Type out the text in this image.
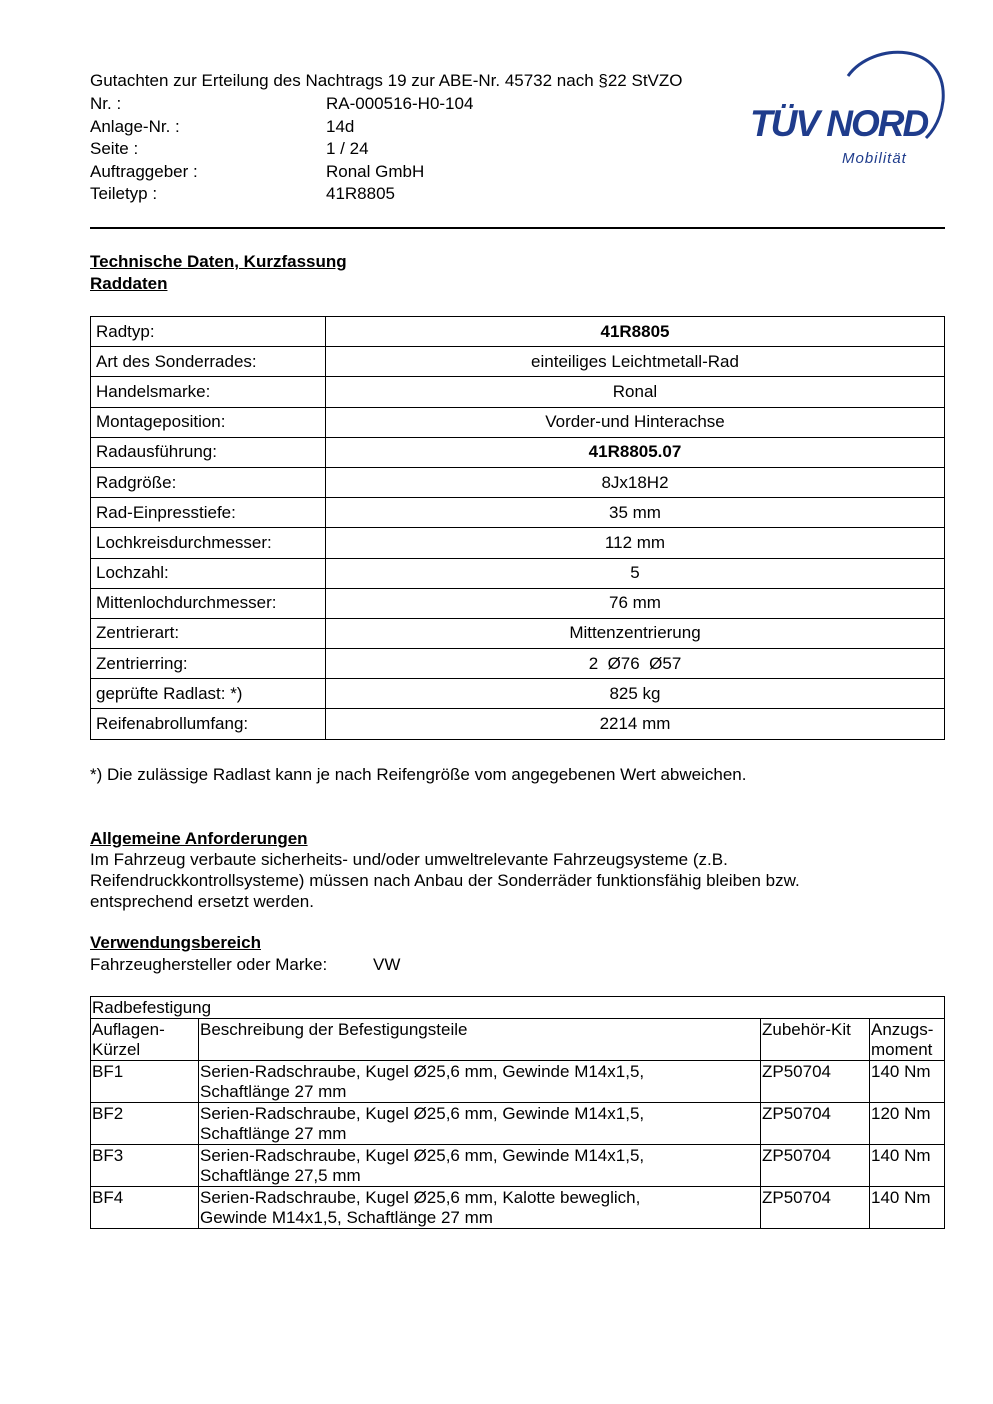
Gutachten zur Erteilung des Nachtrags 19 zur ABE-Nr. 45732 nach §22 StVZO
Nr. :	RA-000516-H0-104
Anlage-Nr. :	14d
Seite :	1 / 24
Auftraggeber :	Ronal GmbH
Teiletyp :	41R8805
TÜV NORD
Mobilität
Technische Daten, Kurzfassung
Raddaten
Radtyp:	41R8805
Art des Sonderrades:	einteiliges Leichtmetall-Rad
Handelsmarke:	Ronal
Montageposition:	Vorder-und Hinterachse
Radausführung:	41R8805.07
Radgröße:	8Jx18H2
Rad-Einpresstiefe:	35 mm
Lochkreisdurchmesser:	112 mm
Lochzahl:	5
Mittenlochdurchmesser:	76 mm
Zentrierart:	Mittenzentrierung
Zentrierring:	2  Ø76  Ø57
geprüfte Radlast: *)	825 kg
Reifenabrollumfang:	2214 mm
*) Die zulässige Radlast kann je nach Reifengröße vom angegebenen Wert abweichen.
Allgemeine Anforderungen
Im Fahrzeug verbaute sicherheits- und/oder umweltrelevante Fahrzeugsysteme (z.B.
Reifendruckkontrollsysteme) müssen nach Anbau der Sonderräder funktionsfähig bleiben bzw.
entsprechend ersetzt werden.
Verwendungsbereich
Fahrzeughersteller oder Marke:	VW
Radbefestigung			
Auflagen-
Kürzel	Beschreibung der Befestigungsteile	Zubehör-Kit	Anzugs-
moment
BF1	Serien-Radschraube, Kugel Ø25,6 mm, Gewinde M14x1,5,
Schaftlänge 27 mm	ZP50704	140 Nm
BF2	Serien-Radschraube, Kugel Ø25,6 mm, Gewinde M14x1,5,
Schaftlänge 27 mm	ZP50704	120 Nm
BF3	Serien-Radschraube, Kugel Ø25,6 mm, Gewinde M14x1,5,
Schaftlänge 27,5 mm	ZP50704	140 Nm
BF4	Serien-Radschraube, Kugel Ø25,6 mm, Kalotte beweglich,
Gewinde M14x1,5, Schaftlänge 27 mm	ZP50704	140 Nm
